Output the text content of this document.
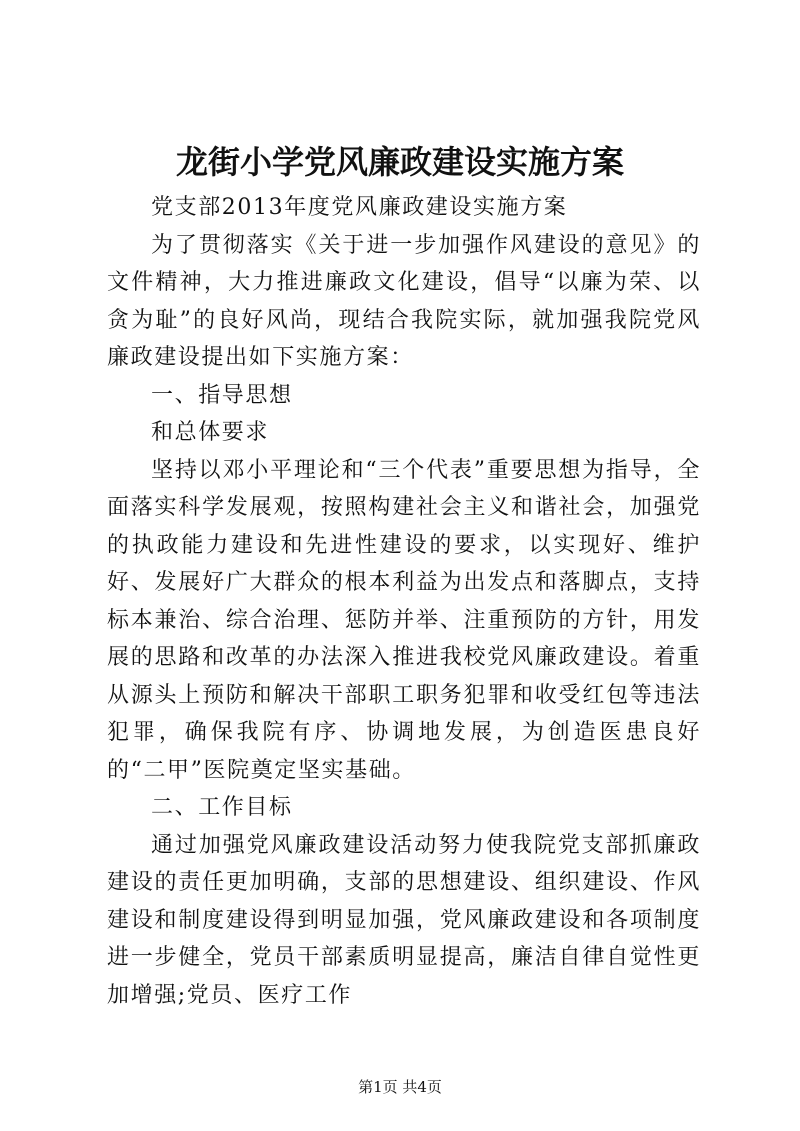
龙街小学党风廉政建设实施方案

党支部2013年度党风廉政建设实施方案

为了贯彻落实《关于进一步加强作风建设的意见》的文件精神，大力推进廉政文化建设，倡导“以廉为荣、以贪为耻”的良好风尚，现结合我院实际，就加强我院党风廉政建设提出如下实施方案：

一、指导思想

和总体要求

坚持以邓小平理论和“三个代表”重要思想为指导，全面落实科学发展观，按照构建社会主义和谐社会，加强党的执政能力建设和先进性建设的要求，以实现好、维护好、发展好广大群众的根本利益为出发点和落脚点，支持标本兼治、综合治理、惩防并举、注重预防的方针，用发展的思路和改革的办法深入推进我校党风廉政建设。着重从源头上预防和解决干部职工职务犯罪和收受红包等违法犯罪，确保我院有序、协调地发展，为创造医患良好的“二甲”医院奠定坚实基础。

二、工作目标

通过加强党风廉政建设活动努力使我院党支部抓廉政建设的责任更加明确，支部的思想建设、组织建设、作风建设和制度建设得到明显加强，党风廉政建设和各项制度进一步健全，党员干部素质明显提高，廉洁自律自觉性更加增强;党员、医疗工作

第1页 共4页
